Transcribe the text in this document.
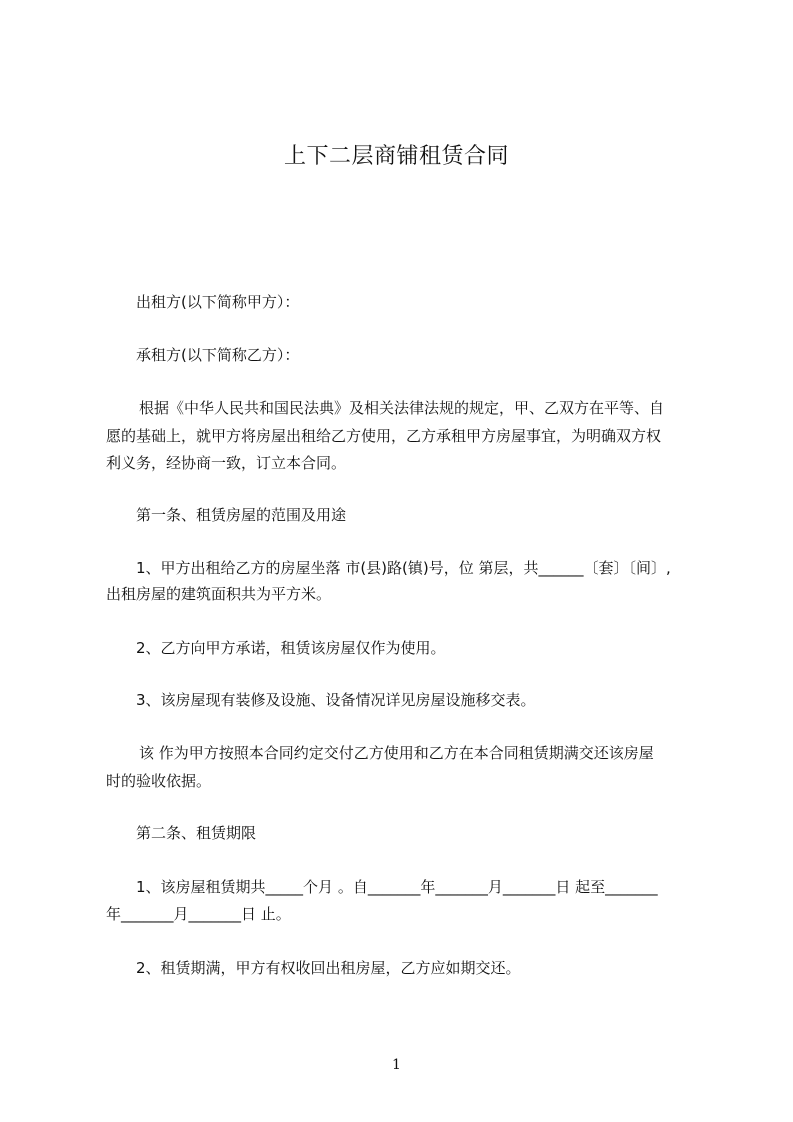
上下二层商铺租赁合同
出租方(以下简称甲方）：
承租方(以下简称乙方）：
根据《中华人民共和国民法典》及相关法律法规的规定，甲、乙双方在平等、自
愿的基础上，就甲方将房屋出租给乙方使用，乙方承租甲方房屋事宜，为明确双方权
利义务，经协商一致，订立本合同。
第一条、租赁房屋的范围及用途
1、甲方出租给乙方的房屋坐落 市(县)路(镇)号，位 第层，共______〔套〕〔间〕,
出租房屋的建筑面积共为平方米。
2、乙方向甲方承诺，租赁该房屋仅作为使用。
3、该房屋现有装修及设施、设备情况详见房屋设施移交表。
该 作为甲方按照本合同约定交付乙方使用和乙方在本合同租赁期满交还该房屋
时的验收依据。
第二条、租赁期限
1、该房屋租赁期共_____个月 。自_______年_______月_______日 起至_______
年_______月_______日 止。
2、租赁期满，甲方有权收回出租房屋，乙方应如期交还。
1
